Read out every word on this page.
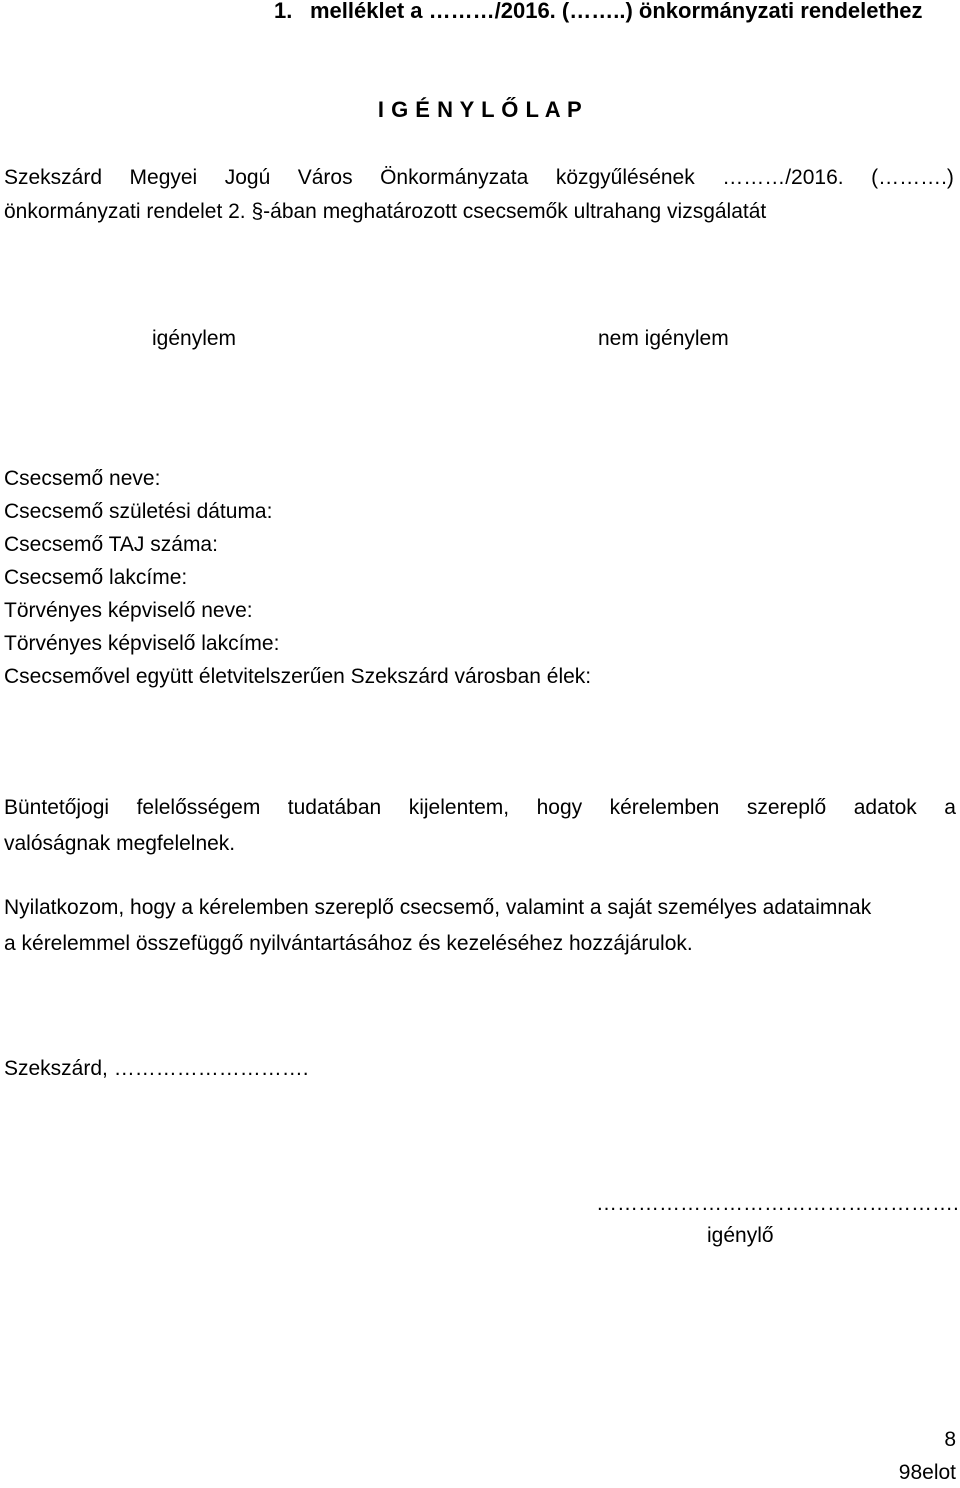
1. melléklet a ………/2016. (……..) önkormányzati rendelethez
I G É N Y L Ő L A P
Szekszárd Megyei Jogú Város Önkormányzata közgyűlésének ………/2016. (……….)
önkormányzati rendelet 2. §-ában meghatározott csecsemők ultrahang vizsgálatát
igénylem	nem igénylem
Csecsemő neve:
Csecsemő születési dátuma:
Csecsemő TAJ száma:
Csecsemő lakcíme:
Törvényes képviselő neve:
Törvényes képviselő lakcíme:
Csecsemővel együtt életvitelszerűen Szekszárd városban élek:
Büntetőjogi felelősségem tudatában kijelentem, hogy kérelemben szereplő adatok a
valóságnak megfelelnek.
Nyilatkozom, hogy a kérelemben szereplő csecsemő, valamint a saját személyes adataimnak
a kérelemmel összefüggő nyilvántartásához és kezeléséhez hozzájárulok.
Szekszárd, ……………………….
…………………………………………….
igénylő
8
98elot
